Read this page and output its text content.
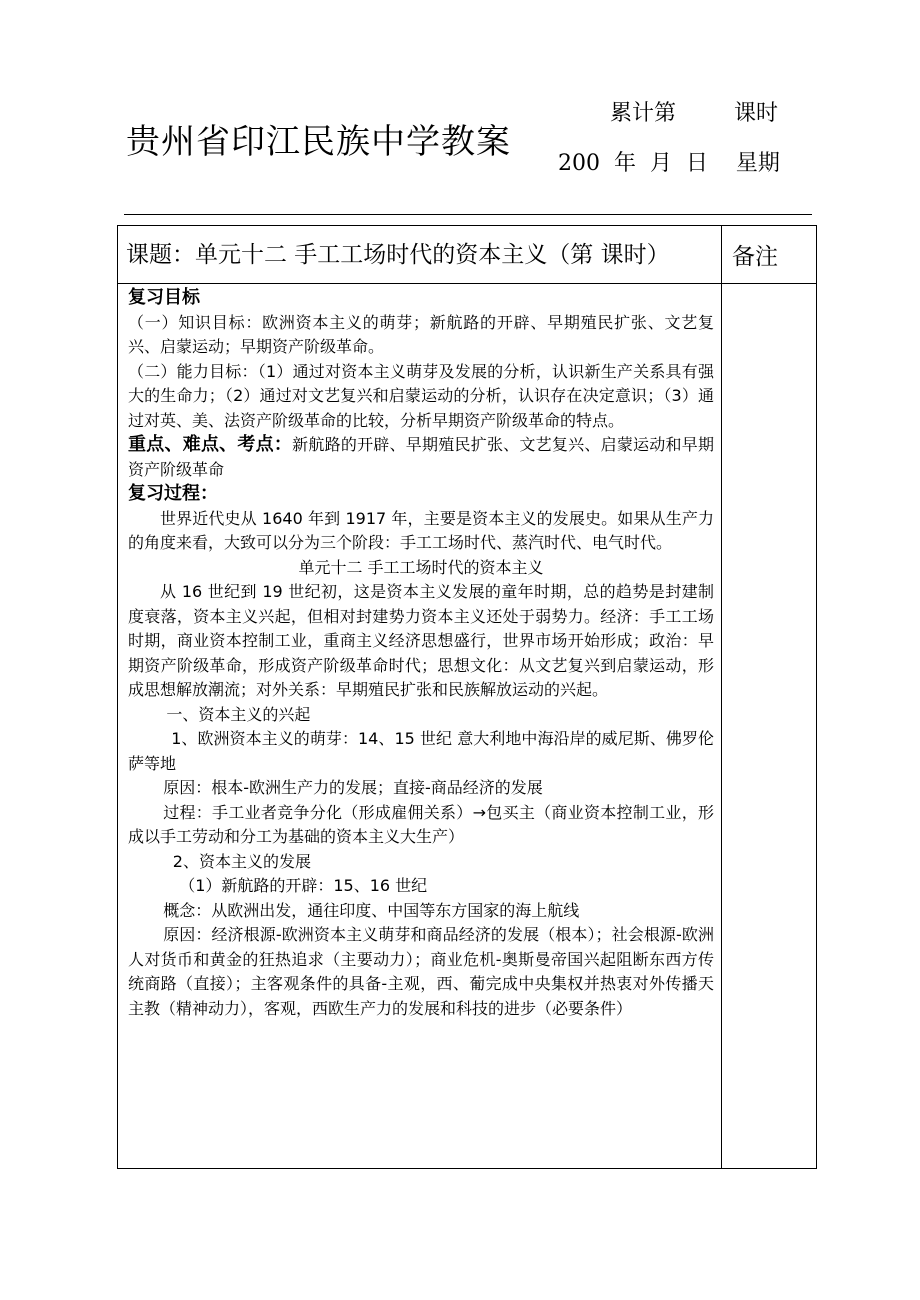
贵州省印江民族中学教案
累计第	课时
200  年  月  日    星期
课题：单元十二 手工工场时代的资本主义（第 课时）	备注

复习目标

（一）知识目标：欧洲资本主义的萌芽；新航路的开辟、早期殖民扩张、文艺复兴、启蒙运动；早期资产阶级革命。

（二）能力目标：（1）通过对资本主义萌芽及发展的分析，认识新生产关系具有强大的生命力；（2）通过对文艺复兴和启蒙运动的分析，认识存在决定意识；（3）通过对英、美、法资产阶级革命的比较，分析早期资产阶级革命的特点。

重点、难点、考点：新航路的开辟、早期殖民扩张、文艺复兴、启蒙运动和早期资产阶级革命

复习过程：

世界近代史从 1640 年到 1917 年，主要是资本主义的发展史。如果从生产力的角度来看，大致可以分为三个阶段：手工工场时代、蒸汽时代、电气时代。

单元十二 手工工场时代的资本主义

从 16 世纪到 19 世纪初，这是资本主义发展的童年时期，总的趋势是封建制度衰落，资本主义兴起，但相对封建势力资本主义还处于弱势力。经济：手工工场时期，商业资本控制工业，重商主义经济思想盛行，世界市场开始形成；政治：早期资产阶级革命，形成资产阶级革命时代；思想文化：从文艺复兴到启蒙运动，形成思想解放潮流；对外关系：早期殖民扩张和民族解放运动的兴起。

一、资本主义的兴起

1、欧洲资本主义的萌芽：14、15 世纪 意大利地中海沿岸的威尼斯、佛罗伦萨等地

原因：根本-欧洲生产力的发展；直接-商品经济的发展

过程：手工业者竞争分化（形成雇佣关系）→包买主（商业资本控制工业，形成以手工劳动和分工为基础的资本主义大生产）

2、资本主义的发展

（1）新航路的开辟：15、16 世纪

概念：从欧洲出发，通往印度、中国等东方国家的海上航线

原因：经济根源-欧洲资本主义萌芽和商品经济的发展（根本）；社会根源-欧洲人对货币和黄金的狂热追求（主要动力）；商业危机-奥斯曼帝国兴起阻断东西方传统商路（直接）；主客观条件的具备-主观，西、葡完成中央集权并热衷对外传播天主教（精神动力），客观，西欧生产力的发展和科技的进步（必要条件）
